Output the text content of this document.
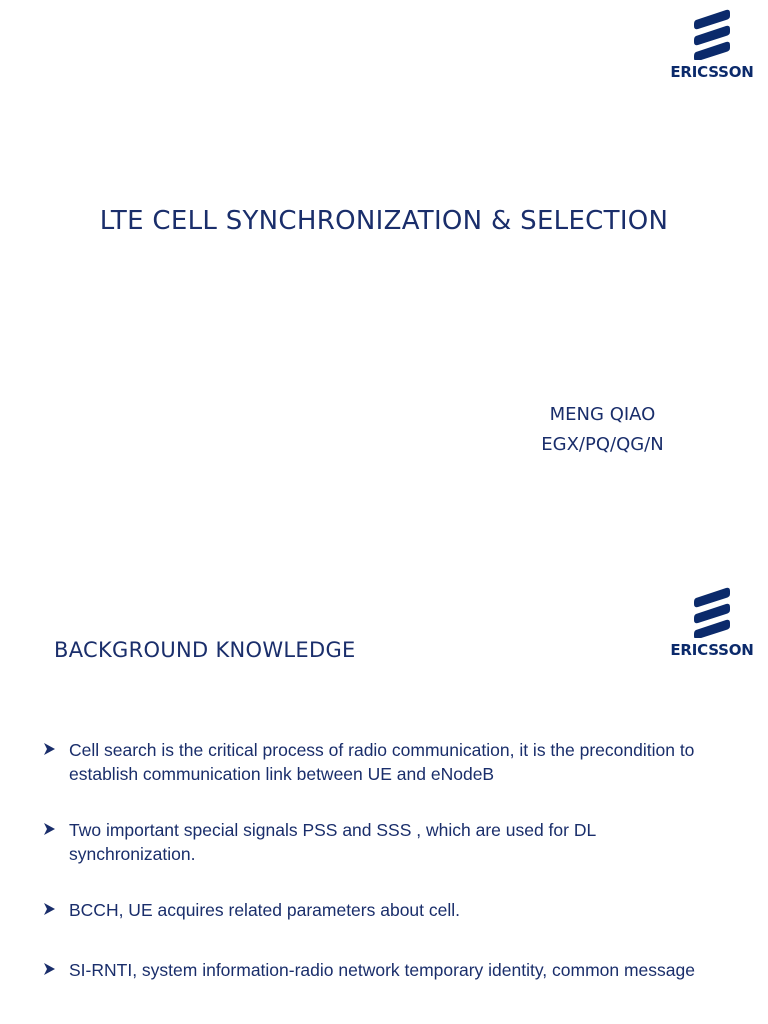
ERICSSON
LTE CELL SYNCHRONIZATION & SELECTION
MENG QIAO
EGX/PQ/QG/N
ERICSSON
BACKGROUND KNOWLEDGE
Cell search is the critical process of radio communication, it is the precondition to establish communication link between UE and eNodeB
Two important special signals PSS and SSS , which are used for DL synchronization.
BCCH, UE acquires related parameters about cell.
SI-RNTI, system information-radio network temporary identity, common message
